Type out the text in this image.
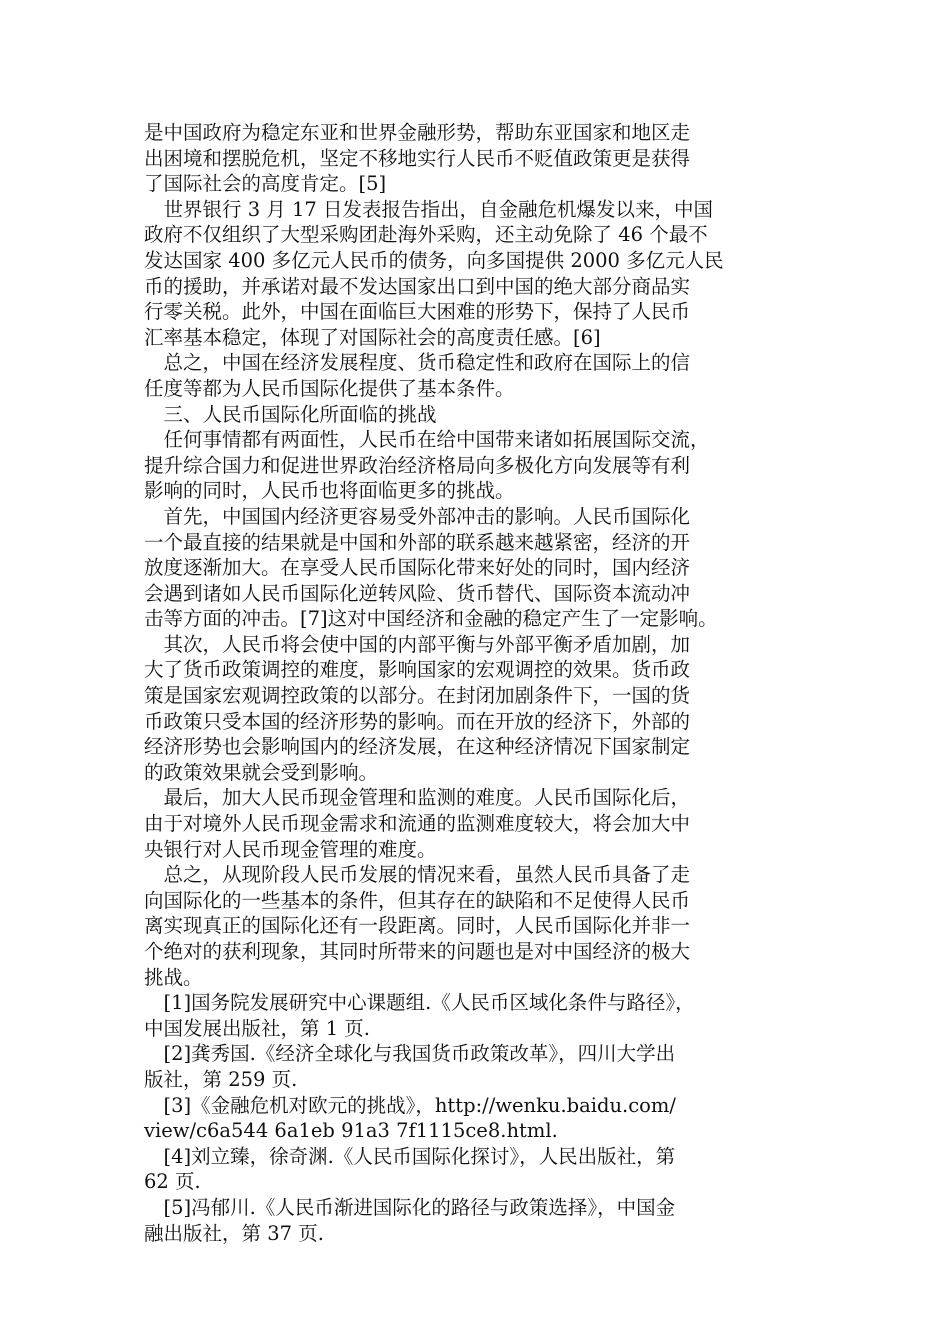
是中国政府为稳定东亚和世界金融形势，帮助东亚国家和地区走
出困境和摆脱危机，坚定不移地实行人民币不贬值政策更是获得
了国际社会的高度肯定。[5]
　世界银行 3 月 17 日发表报告指出，自金融危机爆发以来，中国
政府不仅组织了大型采购团赴海外采购，还主动免除了 46 个最不
发达国家 400 多亿元人民币的债务，向多国提供 2000 多亿元人民
币的援助，并承诺对最不发达国家出口到中国的绝大部分商品实
行零关税。此外，中国在面临巨大困难的形势下，保持了人民币
汇率基本稳定，体现了对国际社会的高度责任感。[6]
　总之，中国在经济发展程度、货币稳定性和政府在国际上的信
任度等都为人民币国际化提供了基本条件。
　三、人民币国际化所面临的挑战
　任何事情都有两面性，人民币在给中国带来诸如拓展国际交流，
提升综合国力和促进世界政治经济格局向多极化方向发展等有利
影响的同时，人民币也将面临更多的挑战。
　首先，中国国内经济更容易受外部冲击的影响。人民币国际化
一个最直接的结果就是中国和外部的联系越来越紧密，经济的开
放度逐渐加大。在享受人民币国际化带来好处的同时，国内经济
会遇到诸如人民币国际化逆转风险、货币替代、国际资本流动冲
击等方面的冲击。[7]这对中国经济和金融的稳定产生了一定影响。
　其次，人民币将会使中国的内部平衡与外部平衡矛盾加剧，加
大了货币政策调控的难度，影响国家的宏观调控的效果。货币政
策是国家宏观调控政策的以部分。在封闭加剧条件下，一国的货
币政策只受本国的经济形势的影响。而在开放的经济下，外部的
经济形势也会影响国内的经济发展，在这种经济情况下国家制定
的政策效果就会受到影响。
　最后，加大人民币现金管理和监测的难度。人民币国际化后，
由于对境外人民币现金需求和流通的监测难度较大，将会加大中
央银行对人民币现金管理的难度。
　总之，从现阶段人民币发展的情况来看，虽然人民币具备了走
向国际化的一些基本的条件，但其存在的缺陷和不足使得人民币
离实现真正的国际化还有一段距离。同时，人民币国际化并非一
个绝对的获利现象，其同时所带来的问题也是对中国经济的极大
挑战。
　[1]国务院发展研究中心课题组.《人民币区域化条件与路径》，
中国发展出版社，第 1 页.
　[2]龚秀国.《经济全球化与我国货币政策改革》，四川大学出
版社，第 259 页.
　[3]《金融危机对欧元的挑战》，http://wenku.baidu.com/
view/c6a544 6a1eb 91a3 7f1115ce8.html.
　[4]刘立臻，徐奇渊.《人民币国际化探讨》，人民出版社，第
62 页.
　[5]冯郁川.《人民币渐进国际化的路径与政策选择》，中国金
融出版社，第 37 页.
